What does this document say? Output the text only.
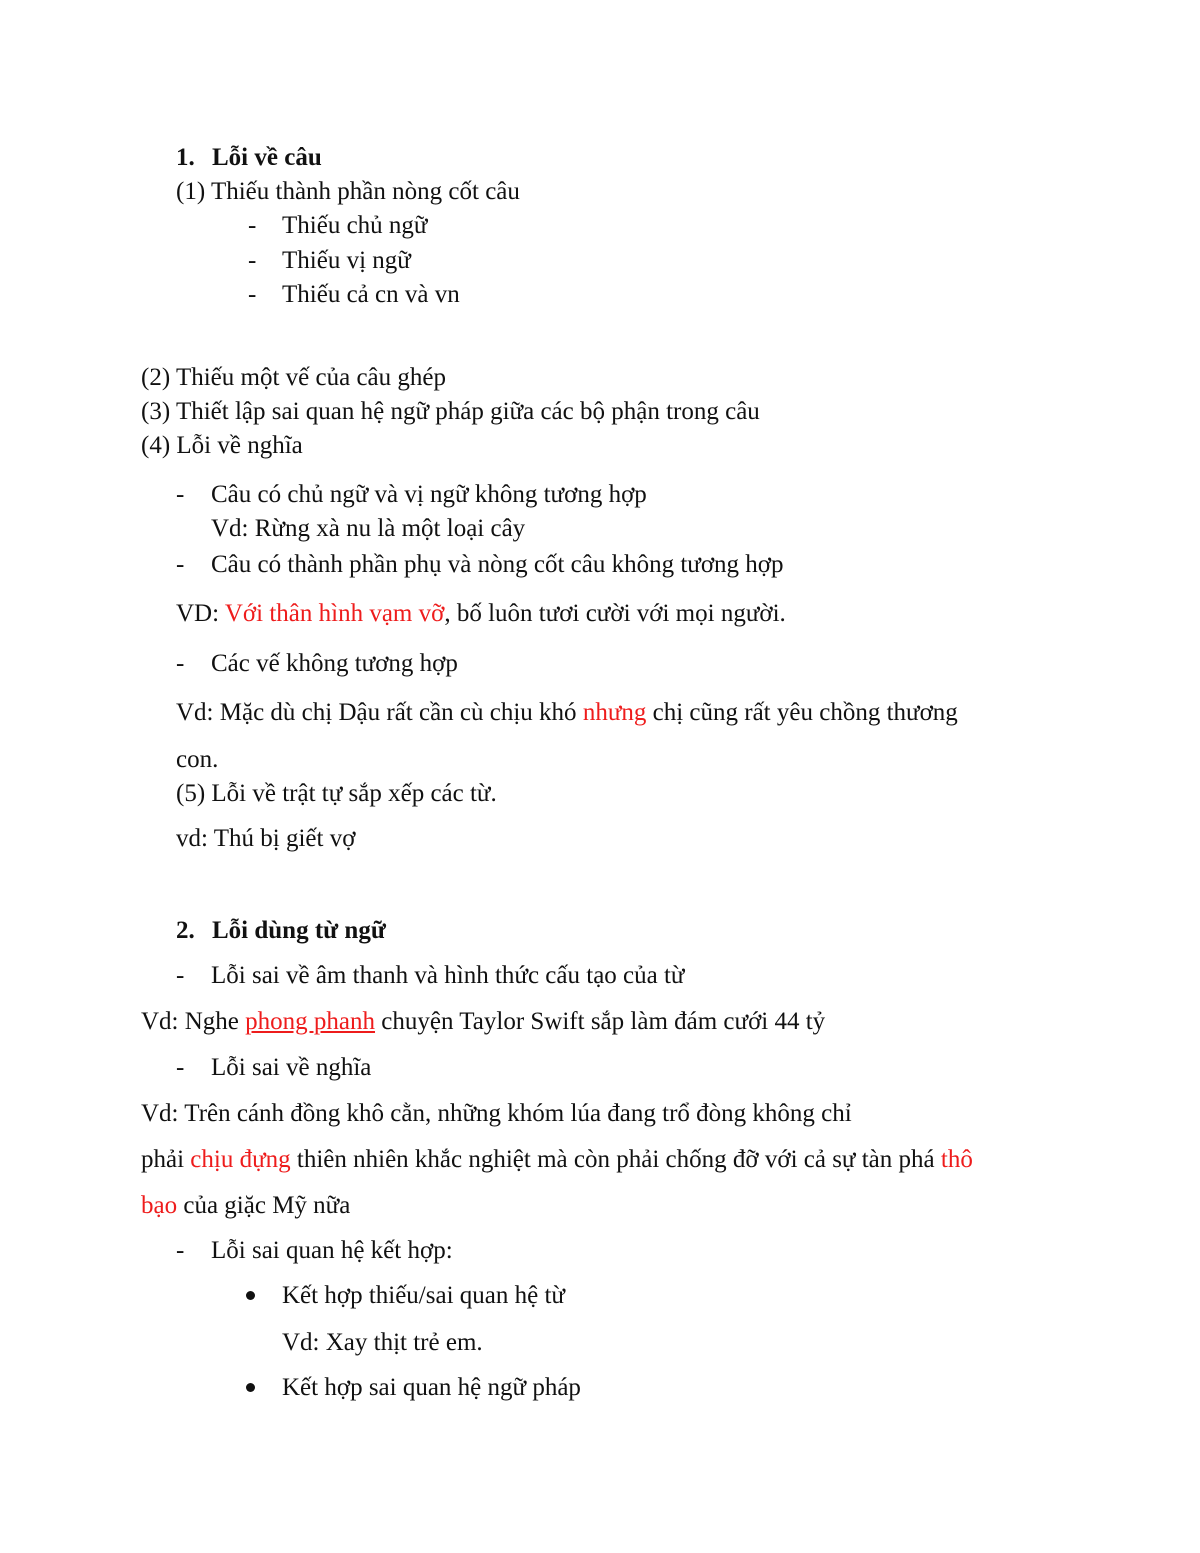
1. Lỗi về câu
(1) Thiếu thành phần nòng cốt câu
- Thiếu chủ ngữ
- Thiếu vị ngữ
- Thiếu cả cn và vn
(2) Thiếu một vế của câu ghép
(3) Thiết lập sai quan hệ ngữ pháp giữa các bộ phận trong câu
(4) Lỗi về nghĩa
- Câu có chủ ngữ và vị ngữ không tương hợp
Vd: Rừng xà nu là một loại cây
- Câu có thành phần phụ và nòng cốt câu không tương hợp
VD: Với thân hình vạm vỡ, bố luôn tươi cười với mọi người.
- Các vế không tương hợp
Vd: Mặc dù chị Dậu rất cần cù chịu khó nhưng chị cũng rất yêu chồng thương
con.
(5) Lỗi về trật tự sắp xếp các từ.
vd: Thú bị giết vợ
2. Lỗi dùng từ ngữ
- Lỗi sai về âm thanh và hình thức cấu tạo của từ
Vd: Nghe phong phanh chuyện Taylor Swift sắp làm đám cưới 44 tỷ
- Lỗi sai về nghĩa
Vd: Trên cánh đồng khô cằn, những khóm lúa đang trổ đòng không chỉ
phải chịu đựng thiên nhiên khắc nghiệt mà còn phải chống đỡ với cả sự tàn phá thô
bạo của giặc Mỹ nữa
- Lỗi sai quan hệ kết hợp:
Kết hợp thiếu/sai quan hệ từ
Vd: Xay thịt trẻ em.
Kết hợp sai quan hệ ngữ pháp
